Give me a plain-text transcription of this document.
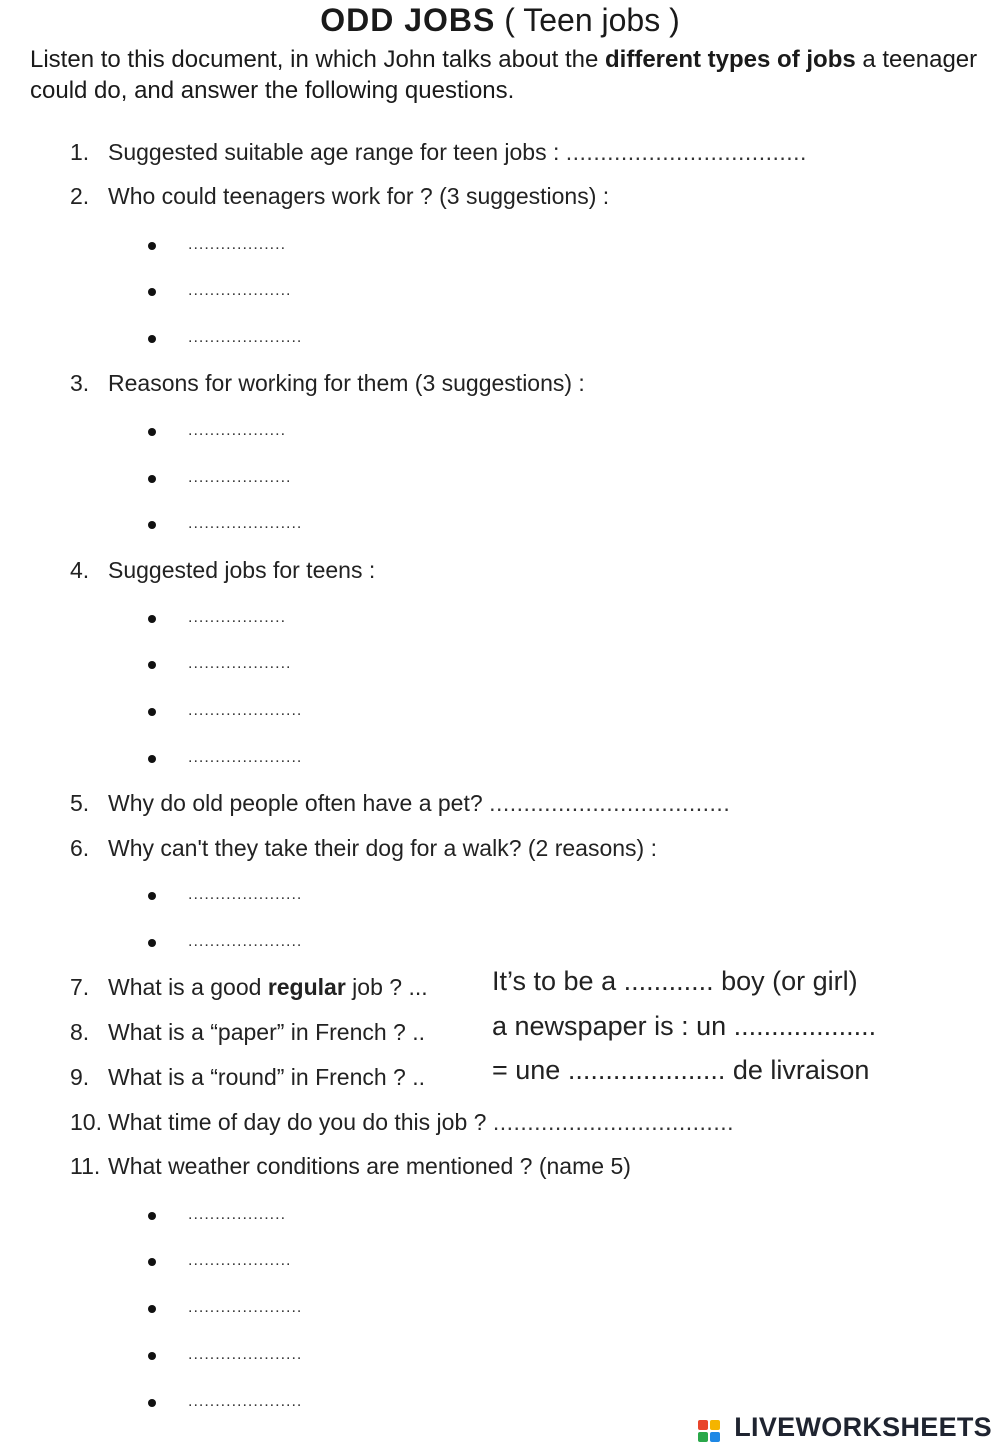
ODD JOBS ( Teen jobs )
Listen to this document, in which John talks about the different types of jobs a teenager could do, and answer the following questions.
1. Suggested suitable age range for teen jobs : ...................................
2. Who could teenagers work for ? (3 suggestions) :
..................
...................
.....................
3. Reasons for working for them (3 suggestions) :
..................
...................
.....................
4. Suggested jobs for teens :
..................
...................
.....................
.....................
5. Why do old people often have a pet? ...................................
6. Why can't they take their dog for a walk? (2 reasons) :
.....................
.....................
7. What is a good regular job ? ... It’s to be a ............ boy (or girl)
8. What is a “paper” in French ? .. a newspaper is : un ...................
9. What is a “round” in French ? .. = une ..................... de livraison
10. What time of day do you do this job ? ...................................
11. What weather conditions are mentioned ? (name 5)
..................
...................
.....................
.....................
.....................
LIVEWORKSHEETS
